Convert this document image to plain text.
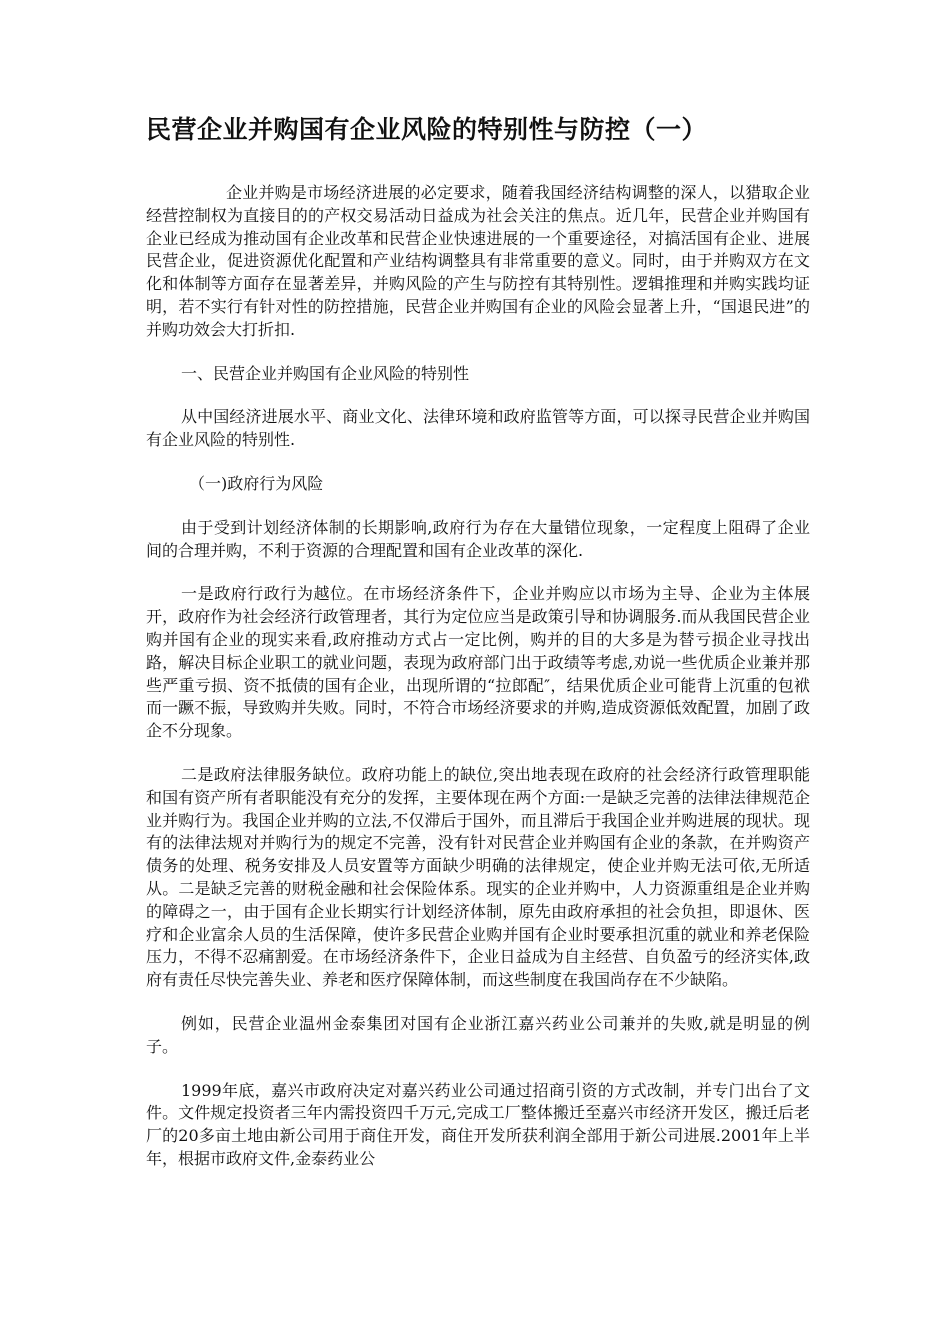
民营企业并购国有企业风险的特别性与防控（一）

企业并购是市场经济进展的必定要求，随着我国经济结构调整的深人，以猎取企业经营控制权为直接目的的产权交易活动日益成为社会关注的焦点。近几年，民营企业并购国有企业已经成为推动国有企业改革和民营企业快速进展的一个重要途径，对搞活国有企业、进展民营企业，促进资源优化配置和产业结构调整具有非常重要的意义。同时，由于并购双方在文化和体制等方面存在显著差异，并购风险的产生与防控有其特别性。逻辑推理和并购实践均证明，若不实行有针对性的防控措施，民营企业并购国有企业的风险会显著上升，“国退民进”的并购功效会大打折扣.

一、民营企业并购国有企业风险的特别性

从中国经济进展水平、商业文化、法律环境和政府监管等方面，可以探寻民营企业并购国有企业风险的特别性.

（一)政府行为风险

由于受到计划经济体制的长期影响,政府行为存在大量错位现象，一定程度上阻碍了企业间的合理并购，不利于资源的合理配置和国有企业改革的深化.

一是政府行政行为越位。在市场经济条件下，企业并购应以市场为主导、企业为主体展开，政府作为社会经济行政管理者，其行为定位应当是政策引导和协调服务.而从我国民营企业购并国有企业的现实来看,政府推动方式占一定比例，购并的目的大多是为替亏损企业寻找出路，解决目标企业职工的就业问题，表现为政府部门出于政绩等考虑,劝说一些优质企业兼并那些严重亏损、资不抵债的国有企业，出现所谓的“拉郎配″，结果优质企业可能背上沉重的包袱而一蹶不振，导致购并失败。同时，不符合市场经济要求的并购,造成资源低效配置，加剧了政企不分现象。

二是政府法律服务缺位。政府功能上的缺位,突出地表现在政府的社会经济行政管理职能和国有资产所有者职能没有充分的发挥，主要体现在两个方面:一是缺乏完善的法律法律规范企业并购行为。我国企业并购的立法,不仅滞后于国外，而且滞后于我国企业并购进展的现状。现有的法律法规对并购行为的规定不完善，没有针对民营企业并购国有企业的条款，在并购资产债务的处理、税务安排及人员安置等方面缺少明确的法律规定，使企业并购无法可依,无所适从。二是缺乏完善的财税金融和社会保险体系。现实的企业并购中，人力资源重组是企业并购的障碍之一，由于国有企业长期实行计划经济体制，原先由政府承担的社会负担，即退休、医疗和企业富余人员的生活保障，使许多民营企业购并国有企业时要承担沉重的就业和养老保险压力，不得不忍痛割爱。在市场经济条件下，企业日益成为自主经营、自负盈亏的经济实体,政府有责任尽快完善失业、养老和医疗保障体制，而这些制度在我国尚存在不少缺陷。

例如，民营企业温州金泰集团对国有企业浙江嘉兴药业公司兼并的失败,就是明显的例子。

1999年底，嘉兴市政府决定对嘉兴药业公司通过招商引资的方式改制，并专门出台了文件。文件规定投资者三年内需投资四千万元,完成工厂整体搬迁至嘉兴市经济开发区，搬迁后老厂的20多亩土地由新公司用于商住开发，商住开发所获利润全部用于新公司进展.2001年上半年，根据市政府文件,金泰药业公
